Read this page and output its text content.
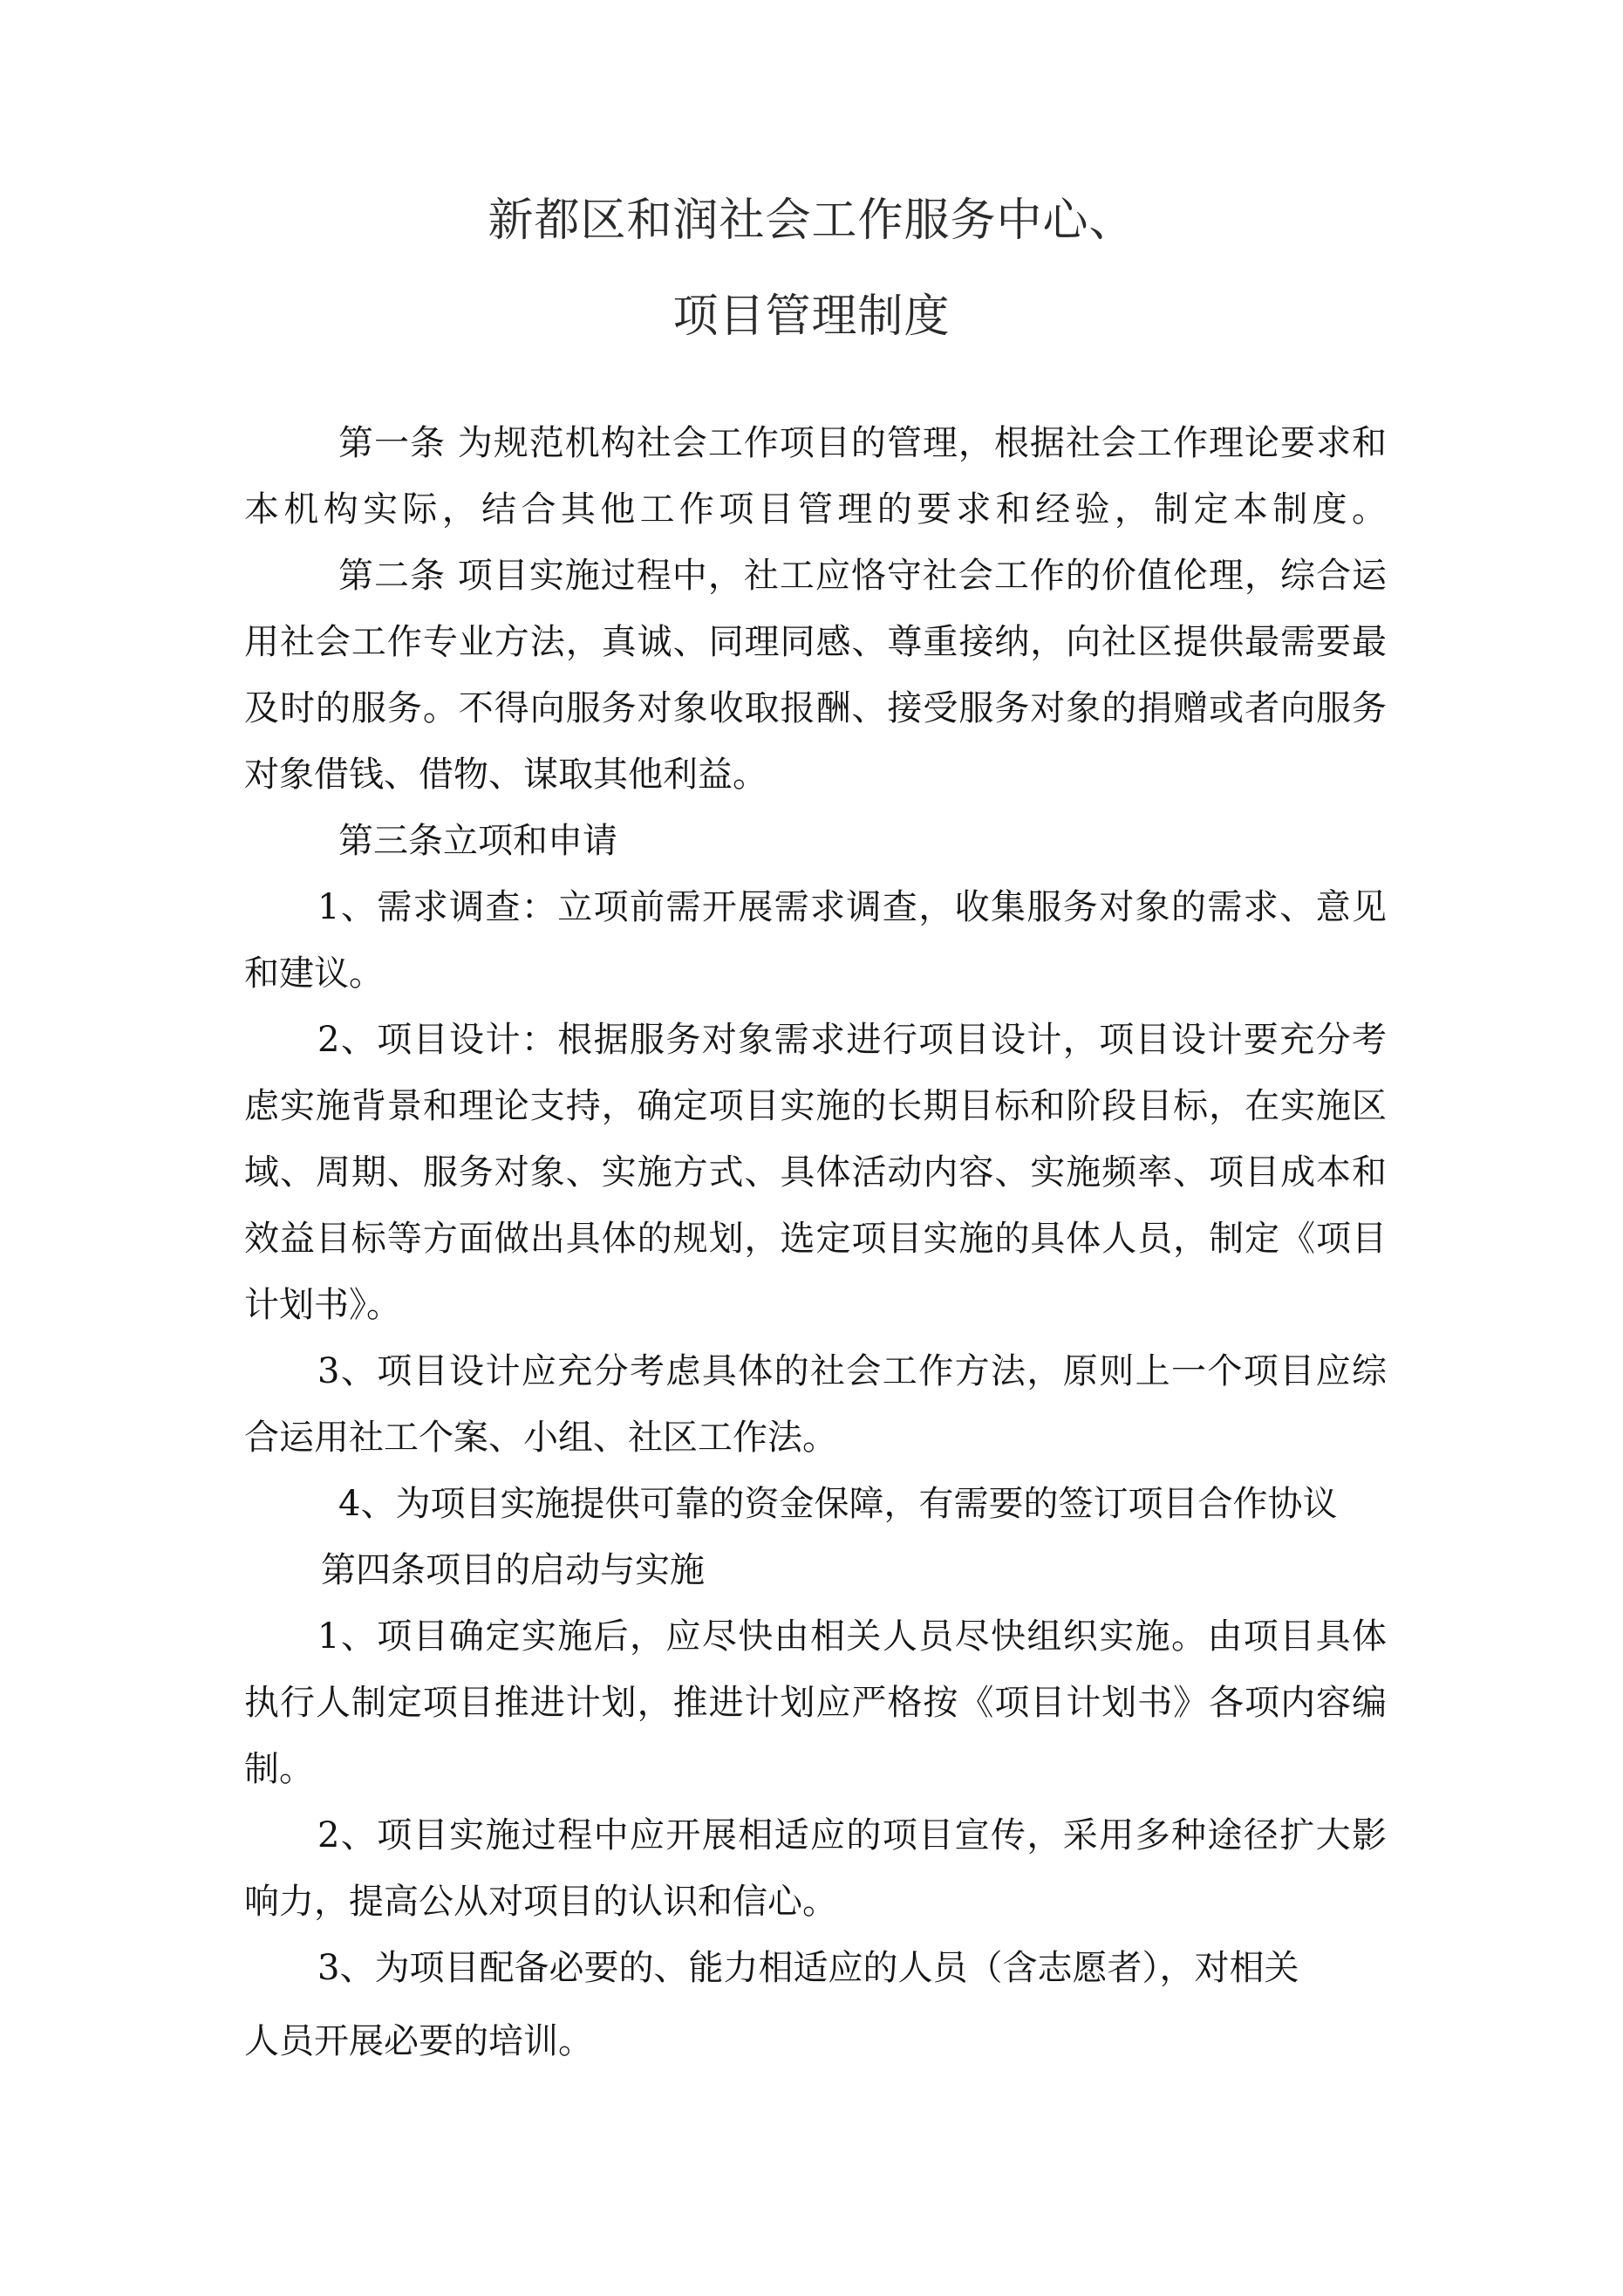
新都区和润社会工作服务中心、
项目管理制度
第一条 为规范机构社会工作项目的管理，根据社会工作理论要求和
本机构实际，结合其他工作项目管理的要求和经验，制定本制度。
第二条 项目实施过程中，社工应恪守社会工作的价值伦理，综合运
用社会工作专业方法，真诚、同理同感、尊重接纳，向社区提供最需要最
及时的服务。不得向服务对象收取报酬、接受服务对象的捐赠或者向服务
对象借钱、借物、谋取其他利益。
第三条立项和申请
1、需求调查：立项前需开展需求调查，收集服务对象的需求、意见
和建议。
2、项目设计：根据服务对象需求进行项目设计，项目设计要充分考
虑实施背景和理论支持，确定项目实施的长期目标和阶段目标，在实施区
域、周期、服务对象、实施方式、具体活动内容、实施频率、项目成本和
效益目标等方面做出具体的规划，选定项目实施的具体人员，制定《项目
计划书》。
3、项目设计应充分考虑具体的社会工作方法，原则上一个项目应综
合运用社工个案、小组、社区工作法。
4、为项目实施提供可靠的资金保障，有需要的签订项目合作协议
第四条项目的启动与实施
1、项目确定实施后，应尽快由相关人员尽快组织实施。由项目具体
执行人制定项目推进计划，推进计划应严格按《项目计划书》各项内容编
制。
2、项目实施过程中应开展相适应的项目宣传，采用多种途径扩大影
响力，提高公从对项目的认识和信心。
3、为项目配备必要的、能力相适应的人员（含志愿者），对相关
人员开展必要的培训。
